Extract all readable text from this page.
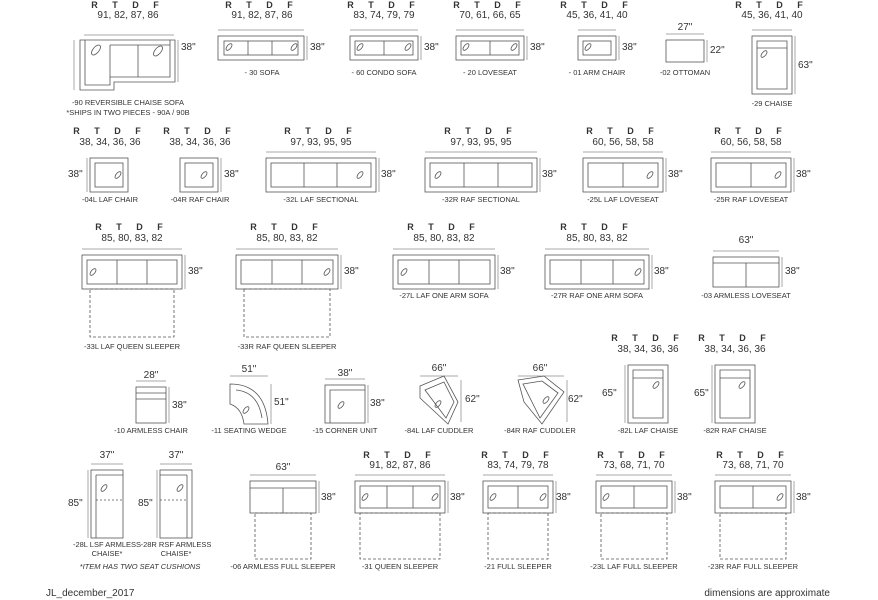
R T D F
91, 82, 87, 86
38"
-90 REVERSIBLE CHAISE SOFA
*SHIPS IN TWO PIECES - 90A / 90B
R T D F
91, 82, 87, 86
38"
- 30 SOFA
R T D F
83, 74, 79, 79
38"
- 60 CONDO SOFA
R T D F
70, 61, 66, 65
38"
- 20 LOVESEAT
R T D F
45, 36, 41, 40
38"
- 01 ARM CHAIR
27"
22"
-02 OTTOMAN
R T D F
45, 36, 41, 40
63"
-29 CHAISE
R T D F
38, 34, 36, 36
38"
-04L LAF CHAIR
R T D F
38, 34, 36, 36
38"
-04R RAF CHAIR
R T D F
97, 93, 95, 95
38"
-32L LAF SECTIONAL
R T D F
97, 93, 95, 95
38"
-32R RAF SECTIONAL
R T D F
60, 56, 58, 58
38"
-25L LAF LOVESEAT
R T D F
60, 56, 58, 58
38"
-25R RAF LOVESEAT
R T D F
85, 80, 83, 82
38"
-33L LAF QUEEN SLEEPER
R T D F
85, 80, 83, 82
38"
-33R RAF QUEEN SLEEPER
R T D F
85, 80, 83, 82
38"
-27L LAF ONE ARM SOFA
R T D F
85, 80, 83, 82
38"
-27R RAF ONE ARM SOFA
63"
38"
-03 ARMLESS LOVESEAT
28"
38"
-10 ARMLESS CHAIR
51"
51"
-11 SEATING WEDGE
38"
38"
-15 CORNER UNIT
66"
62"
-84L LAF CUDDLER
66"
62"
-84R RAF CUDDLER
R T D F
38, 34, 36, 36
65"
-82L LAF CHAISE
R T D F
38, 34, 36, 36
65"
-82R RAF CHAISE
37"
85"
-28L LSF ARMLESS
CHAISE*
37"
85"
-28R RSF ARMLESS
CHAISE*
*ITEM HAS TWO SEAT CUSHIONS
63"
38"
-06 ARMLESS FULL SLEEPER
R T D F
91, 82, 87, 86
38"
-31 QUEEN SLEEPER
R T D F
83, 74, 79, 78
38"
-21 FULL SLEEPER
R T D F
73, 68, 71, 70
38"
-23L LAF FULL SLEEPER
R T D F
73, 68, 71, 70
38"
-23R RAF FULL SLEEPER
JL_december_2017	dimensions are approximate
